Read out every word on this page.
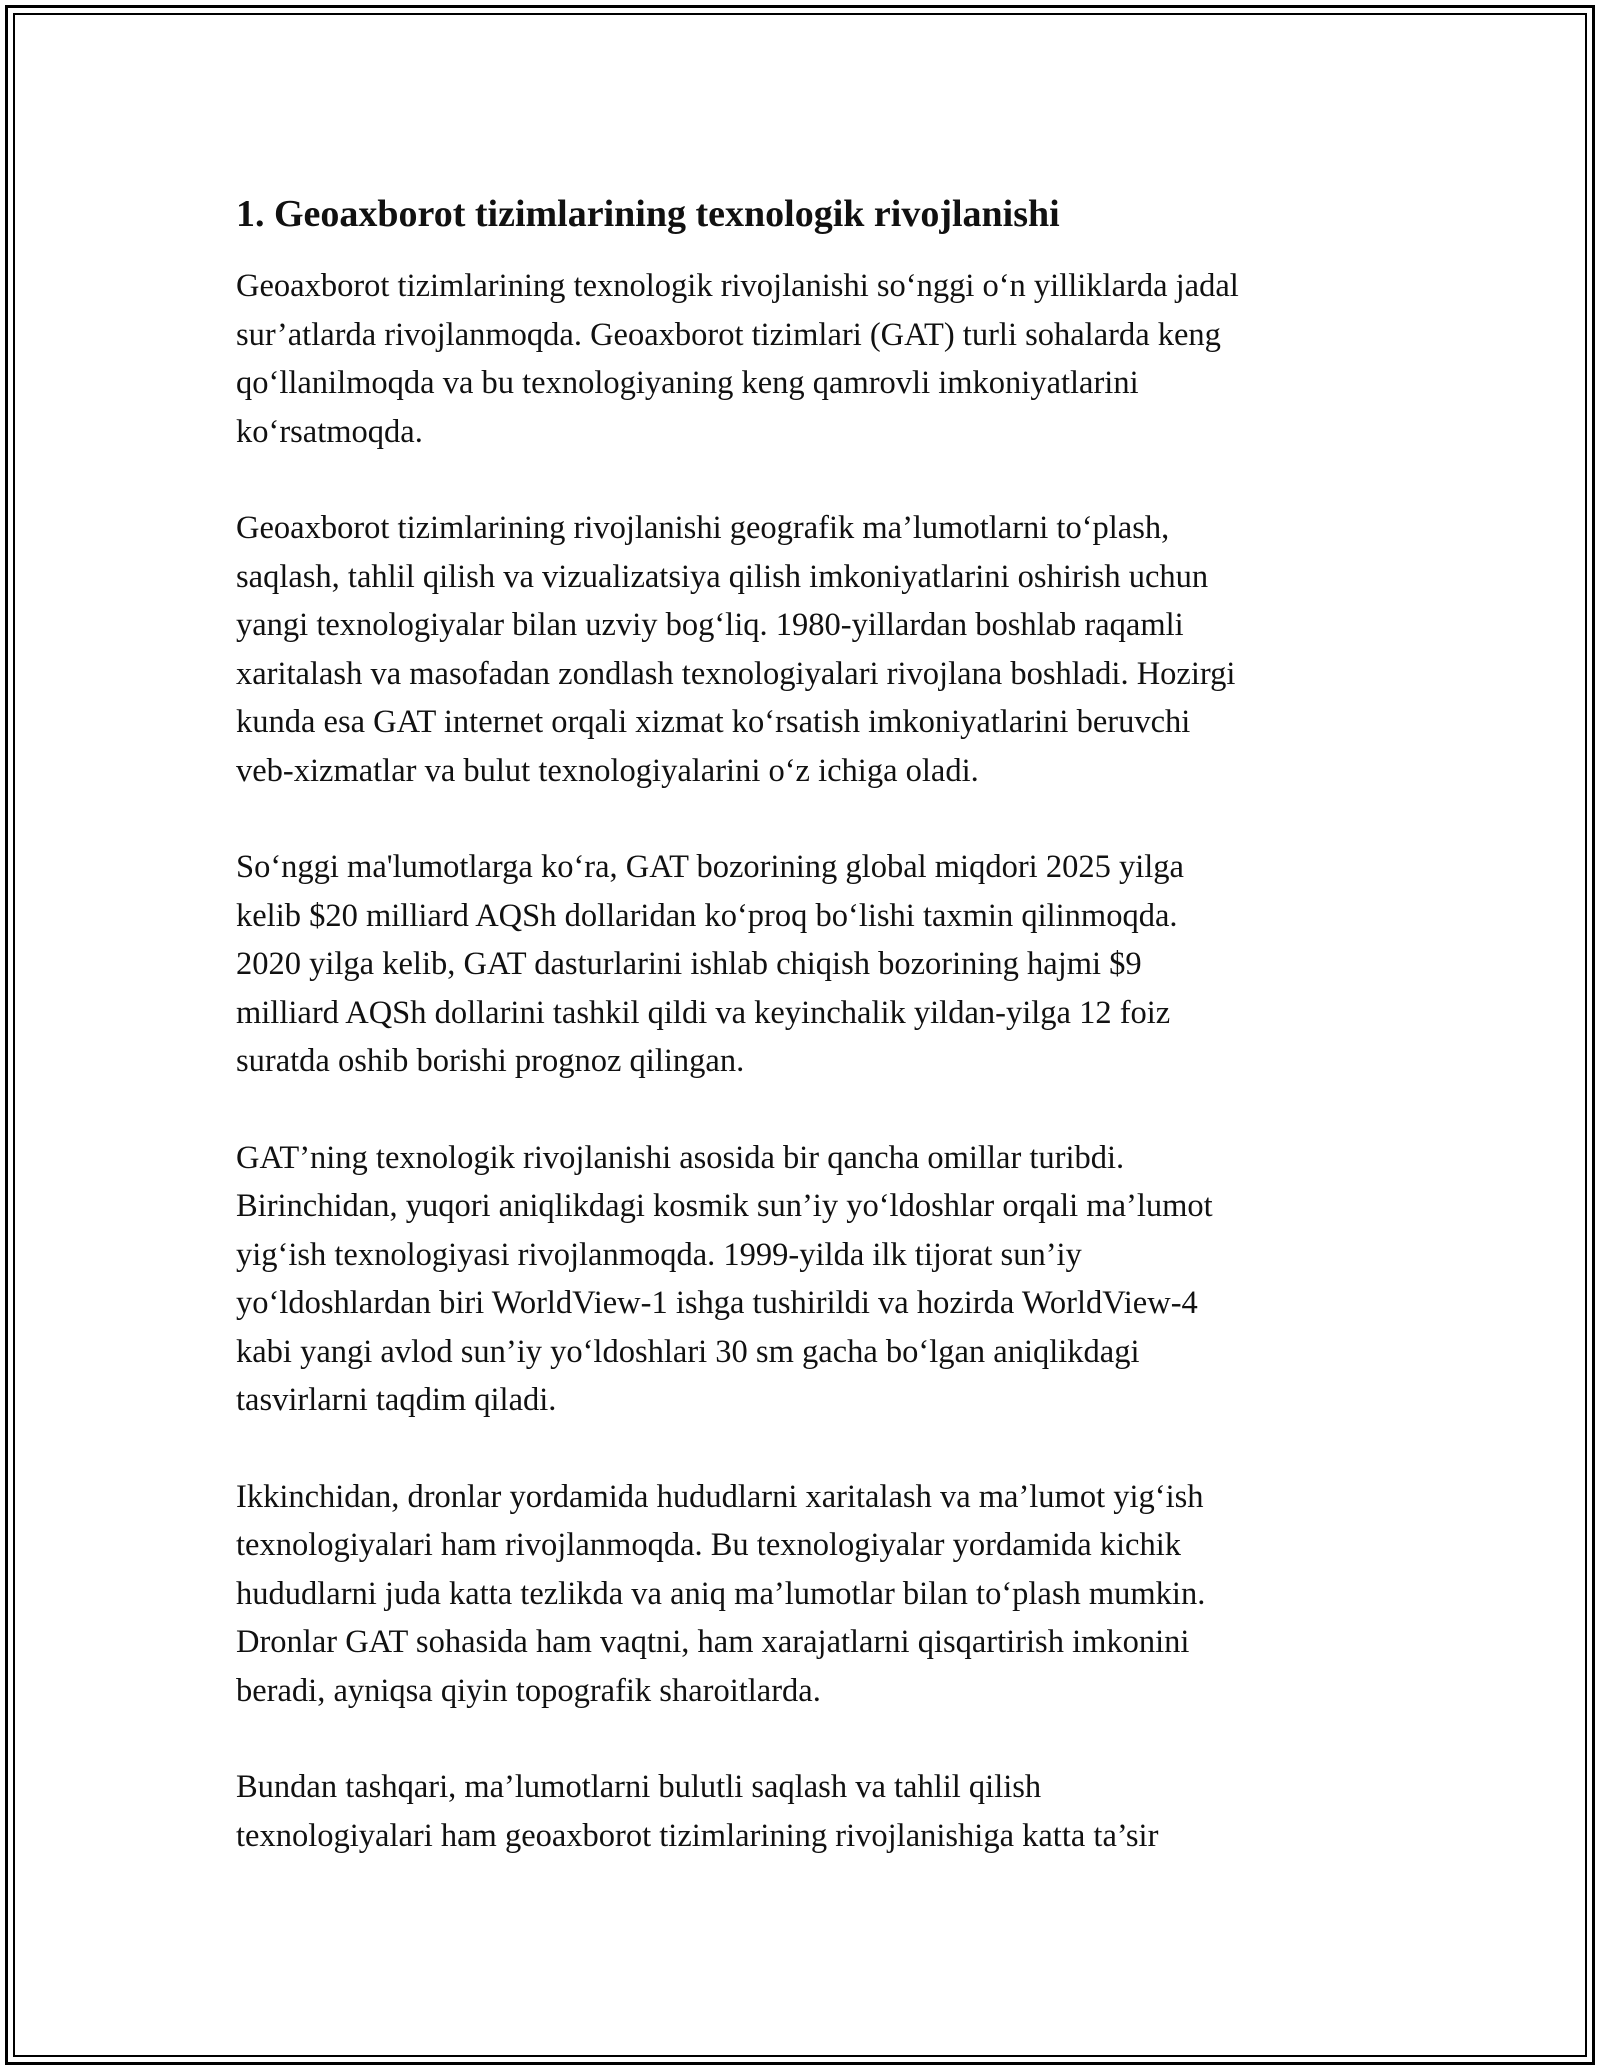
1. Geoaxborot tizimlarining texnologik rivojlanishi
Geoaxborot tizimlarining texnologik rivojlanishi so‘nggi o‘n yilliklarda jadal
sur’atlarda rivojlanmoqda. Geoaxborot tizimlari (GAT) turli sohalarda keng
qo‘llanilmoqda va bu texnologiyaning keng qamrovli imkoniyatlarini
ko‘rsatmoqda.
Geoaxborot tizimlarining rivojlanishi geografik ma’lumotlarni to‘plash,
saqlash, tahlil qilish va vizualizatsiya qilish imkoniyatlarini oshirish uchun
yangi texnologiyalar bilan uzviy bog‘liq. 1980-yillardan boshlab raqamli
xaritalash va masofadan zondlash texnologiyalari rivojlana boshladi. Hozirgi
kunda esa GAT internet orqali xizmat ko‘rsatish imkoniyatlarini beruvchi
veb-xizmatlar va bulut texnologiyalarini o‘z ichiga oladi.
So‘nggi ma'lumotlarga ko‘ra, GAT bozorining global miqdori 2025 yilga
kelib $20 milliard AQSh dollaridan ko‘proq bo‘lishi taxmin qilinmoqda.
2020 yilga kelib, GAT dasturlarini ishlab chiqish bozorining hajmi $9
milliard AQSh dollarini tashkil qildi va keyinchalik yildan-yilga 12 foiz
suratda oshib borishi prognoz qilingan.
GAT’ning texnologik rivojlanishi asosida bir qancha omillar turibdi.
Birinchidan, yuqori aniqlikdagi kosmik sun’iy yo‘ldoshlar orqali ma’lumot
yig‘ish texnologiyasi rivojlanmoqda. 1999-yilda ilk tijorat sun’iy
yo‘ldoshlardan biri WorldView-1 ishga tushirildi va hozirda WorldView-4
kabi yangi avlod sun’iy yo‘ldoshlari 30 sm gacha bo‘lgan aniqlikdagi
tasvirlarni taqdim qiladi.
Ikkinchidan, dronlar yordamida hududlarni xaritalash va ma’lumot yig‘ish
texnologiyalari ham rivojlanmoqda. Bu texnologiyalar yordamida kichik
hududlarni juda katta tezlikda va aniq ma’lumotlar bilan to‘plash mumkin.
Dronlar GAT sohasida ham vaqtni, ham xarajatlarni qisqartirish imkonini
beradi, ayniqsa qiyin topografik sharoitlarda.
Bundan tashqari, ma’lumotlarni bulutli saqlash va tahlil qilish
texnologiyalari ham geoaxborot tizimlarining rivojlanishiga katta ta’sir
